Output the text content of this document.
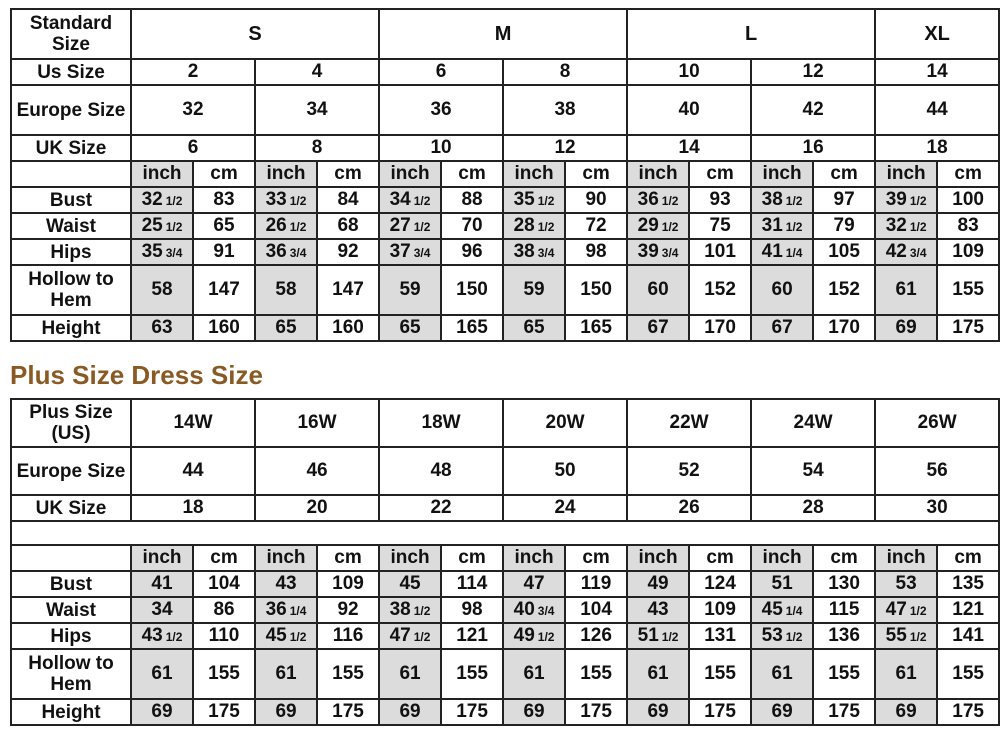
Standard Size	S				M				L				XL	
Us Size	2		4		6		8		10		12		14	
Europe Size	32		34		36		38		40		42		44	
UK Size	6		8		10		12		14		16		18	
	inch	cm	inch	cm	inch	cm	inch	cm	inch	cm	inch	cm	inch	cm
Bust	32 1/2	83	33 1/2	84	34 1/2	88	35 1/2	90	36 1/2	93	38 1/2	97	39 1/2	100
Waist	25 1/2	65	26 1/2	68	27 1/2	70	28 1/2	72	29 1/2	75	31 1/2	79	32 1/2	83
Hips	35 3/4	91	36 3/4	92	37 3/4	96	38 3/4	98	39 3/4	101	41 1/4	105	42 3/4	109
Hollow to Hem	58	147	58	147	59	150	59	150	60	152	60	152	61	155
Height	63	160	65	160	65	165	65	165	67	170	67	170	69	175
Plus Size Dress Size
Plus Size (US)	14W		16W		18W		20W		22W		24W		26W	
Europe Size	44		46		48		50		52		54		56	
UK Size	18		20		22		24		26		28		30	

	inch	cm	inch	cm	inch	cm	inch	cm	inch	cm	inch	cm	inch	cm
Bust	41	104	43	109	45	114	47	119	49	124	51	130	53	135
Waist	34	86	36 1/4	92	38 1/2	98	40 3/4	104	43	109	45 1/4	115	47 1/2	121
Hips	43 1/2	110	45 1/2	116	47 1/2	121	49 1/2	126	51 1/2	131	53 1/2	136	55 1/2	141
Hollow to Hem	61	155	61	155	61	155	61	155	61	155	61	155	61	155
Height	69	175	69	175	69	175	69	175	69	175	69	175	69	175
